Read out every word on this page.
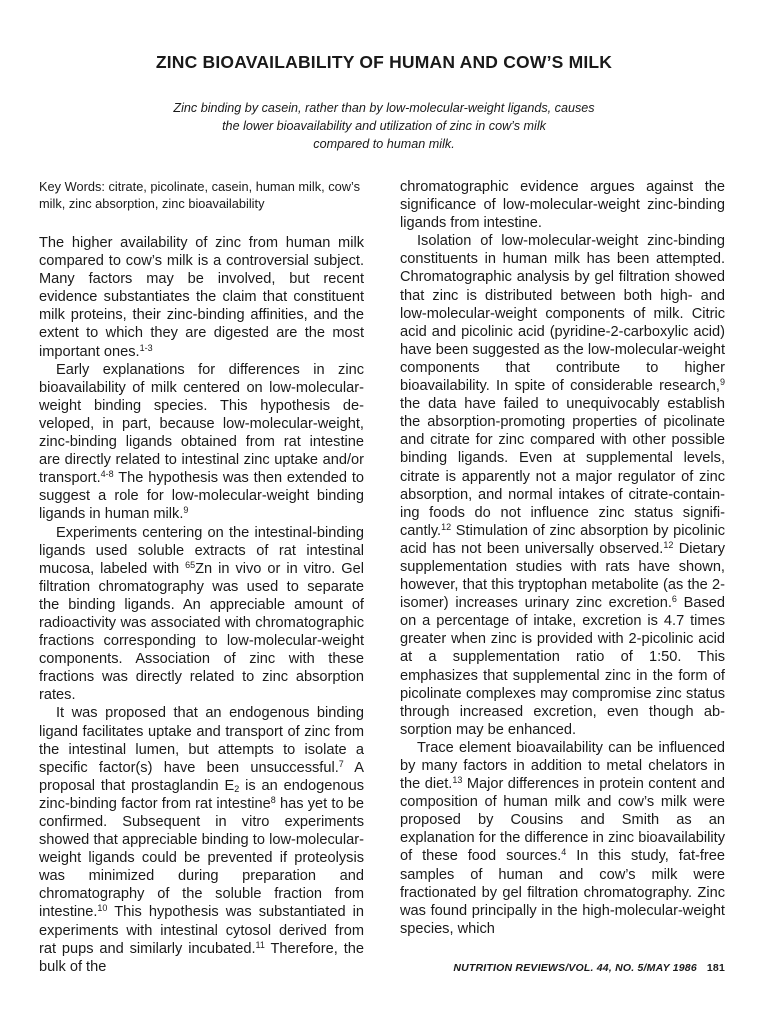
ZINC BIOAVAILABILITY OF HUMAN AND COW’S MILK
Zinc binding by casein, rather than by low-molecular-weight ligands, causes
the lower bioavailability and utilization of zinc in cow’s milk
compared to human milk.
Key Words: citrate, picolinate, casein, human milk, cow’s milk, zinc absorption, zinc bioavailability

The higher availability of zinc from human milk compared to cow’s milk is a controversial subject. Many factors may be involved, but recent evidence substantiates the claim that constituent milk proteins, their zinc-binding affinities, and the extent to which they are digested are the most important ones.$^{1-3}$

Early explanations for differences in zinc bioavailability of milk centered on low-molecular-weight binding species. This hypothesis developed, in part, because low-molecular-weight, zinc-binding ligands obtained from rat intestine are directly related to intestinal zinc uptake and/or transport.$^{4-8}$ The hypothesis was then extended to suggest a role for low-molecular-weight binding ligands in human milk.$^9$

Experiments centering on the intestinal-binding ligands used soluble extracts of rat intestinal mucosa, labeled with $^{65}$Zn in vivo or in vitro. Gel filtration chromatography was used to separate the binding ligands. An appreciable amount of radioactivity was associated with chromatographic fractions corresponding to low-molecular-weight components. Association of zinc with these fractions was directly related to zinc absorption rates.

It was proposed that an endogenous binding ligand facilitates uptake and transport of zinc from the intestinal lumen, but attempts to isolate a specific factor(s) have been unsuccessful.$^7$ A proposal that prostaglandin $E_2$ is an endogenous zinc-binding factor from rat intestine$^8$ has yet to be confirmed. Subsequent in vitro experiments showed that appreciable binding to low-molecular-weight ligands could be prevented if proteolysis was minimized during preparation and chromatography of the soluble fraction from intestine.$^{10}$ This hypothesis was substantiated in experiments with intestinal cytosol derived from rat pups and similarly incubated.$^{11}$ Therefore, the bulk of the

chromatographic evidence argues against the significance of low-molecular-weight zinc-binding ligands from intestine.

Isolation of low-molecular-weight zinc-binding constituents in human milk has been attempted. Chromatographic analysis by gel filtration showed that zinc is distributed between both high- and low-molecular-weight components of milk. Citric acid and picolinic acid (pyridine-2-carboxylic acid) have been suggested as the low-molecular-weight components that contribute to higher bioavailability. In spite of considerable research,$^9$ the data have failed to unequivocably establish the absorption-promoting properties of picolinate and citrate for zinc compared with other possible binding ligands. Even at supplemental levels, citrate is apparently not a major regulator of zinc absorption, and normal intakes of citrate-containing foods do not influence zinc status significantly.$^{12}$ Stimulation of zinc absorption by picolinic acid has not been universally observed.$^{12}$ Dietary supplementation studies with rats have shown, however, that this tryptophan metabolite (as the 2-isomer) increases urinary zinc excretion.$^6$ Based on a percentage of intake, excretion is 4.7 times greater when zinc is provided with 2-picolinic acid at a supplementation ratio of 1:50. This emphasizes that supplemental zinc in the form of picolinate complexes may compromise zinc status through increased excretion, even though absorption may be enhanced.

Trace element bioavailability can be influenced by many factors in addition to metal chelators in the diet.$^{13}$ Major differences in protein content and composition of human milk and cow’s milk were proposed by Cousins and Smith as an explanation for the difference in zinc bioavailability of these food sources.$^4$ In this study, fat-free samples of human and cow’s milk were fractionated by gel filtration chromatography. Zinc was found principally in the high-molecular-weight species, which

NUTRITION REVIEWS/VOL. 44, NO. 5/MAY 1986 181
